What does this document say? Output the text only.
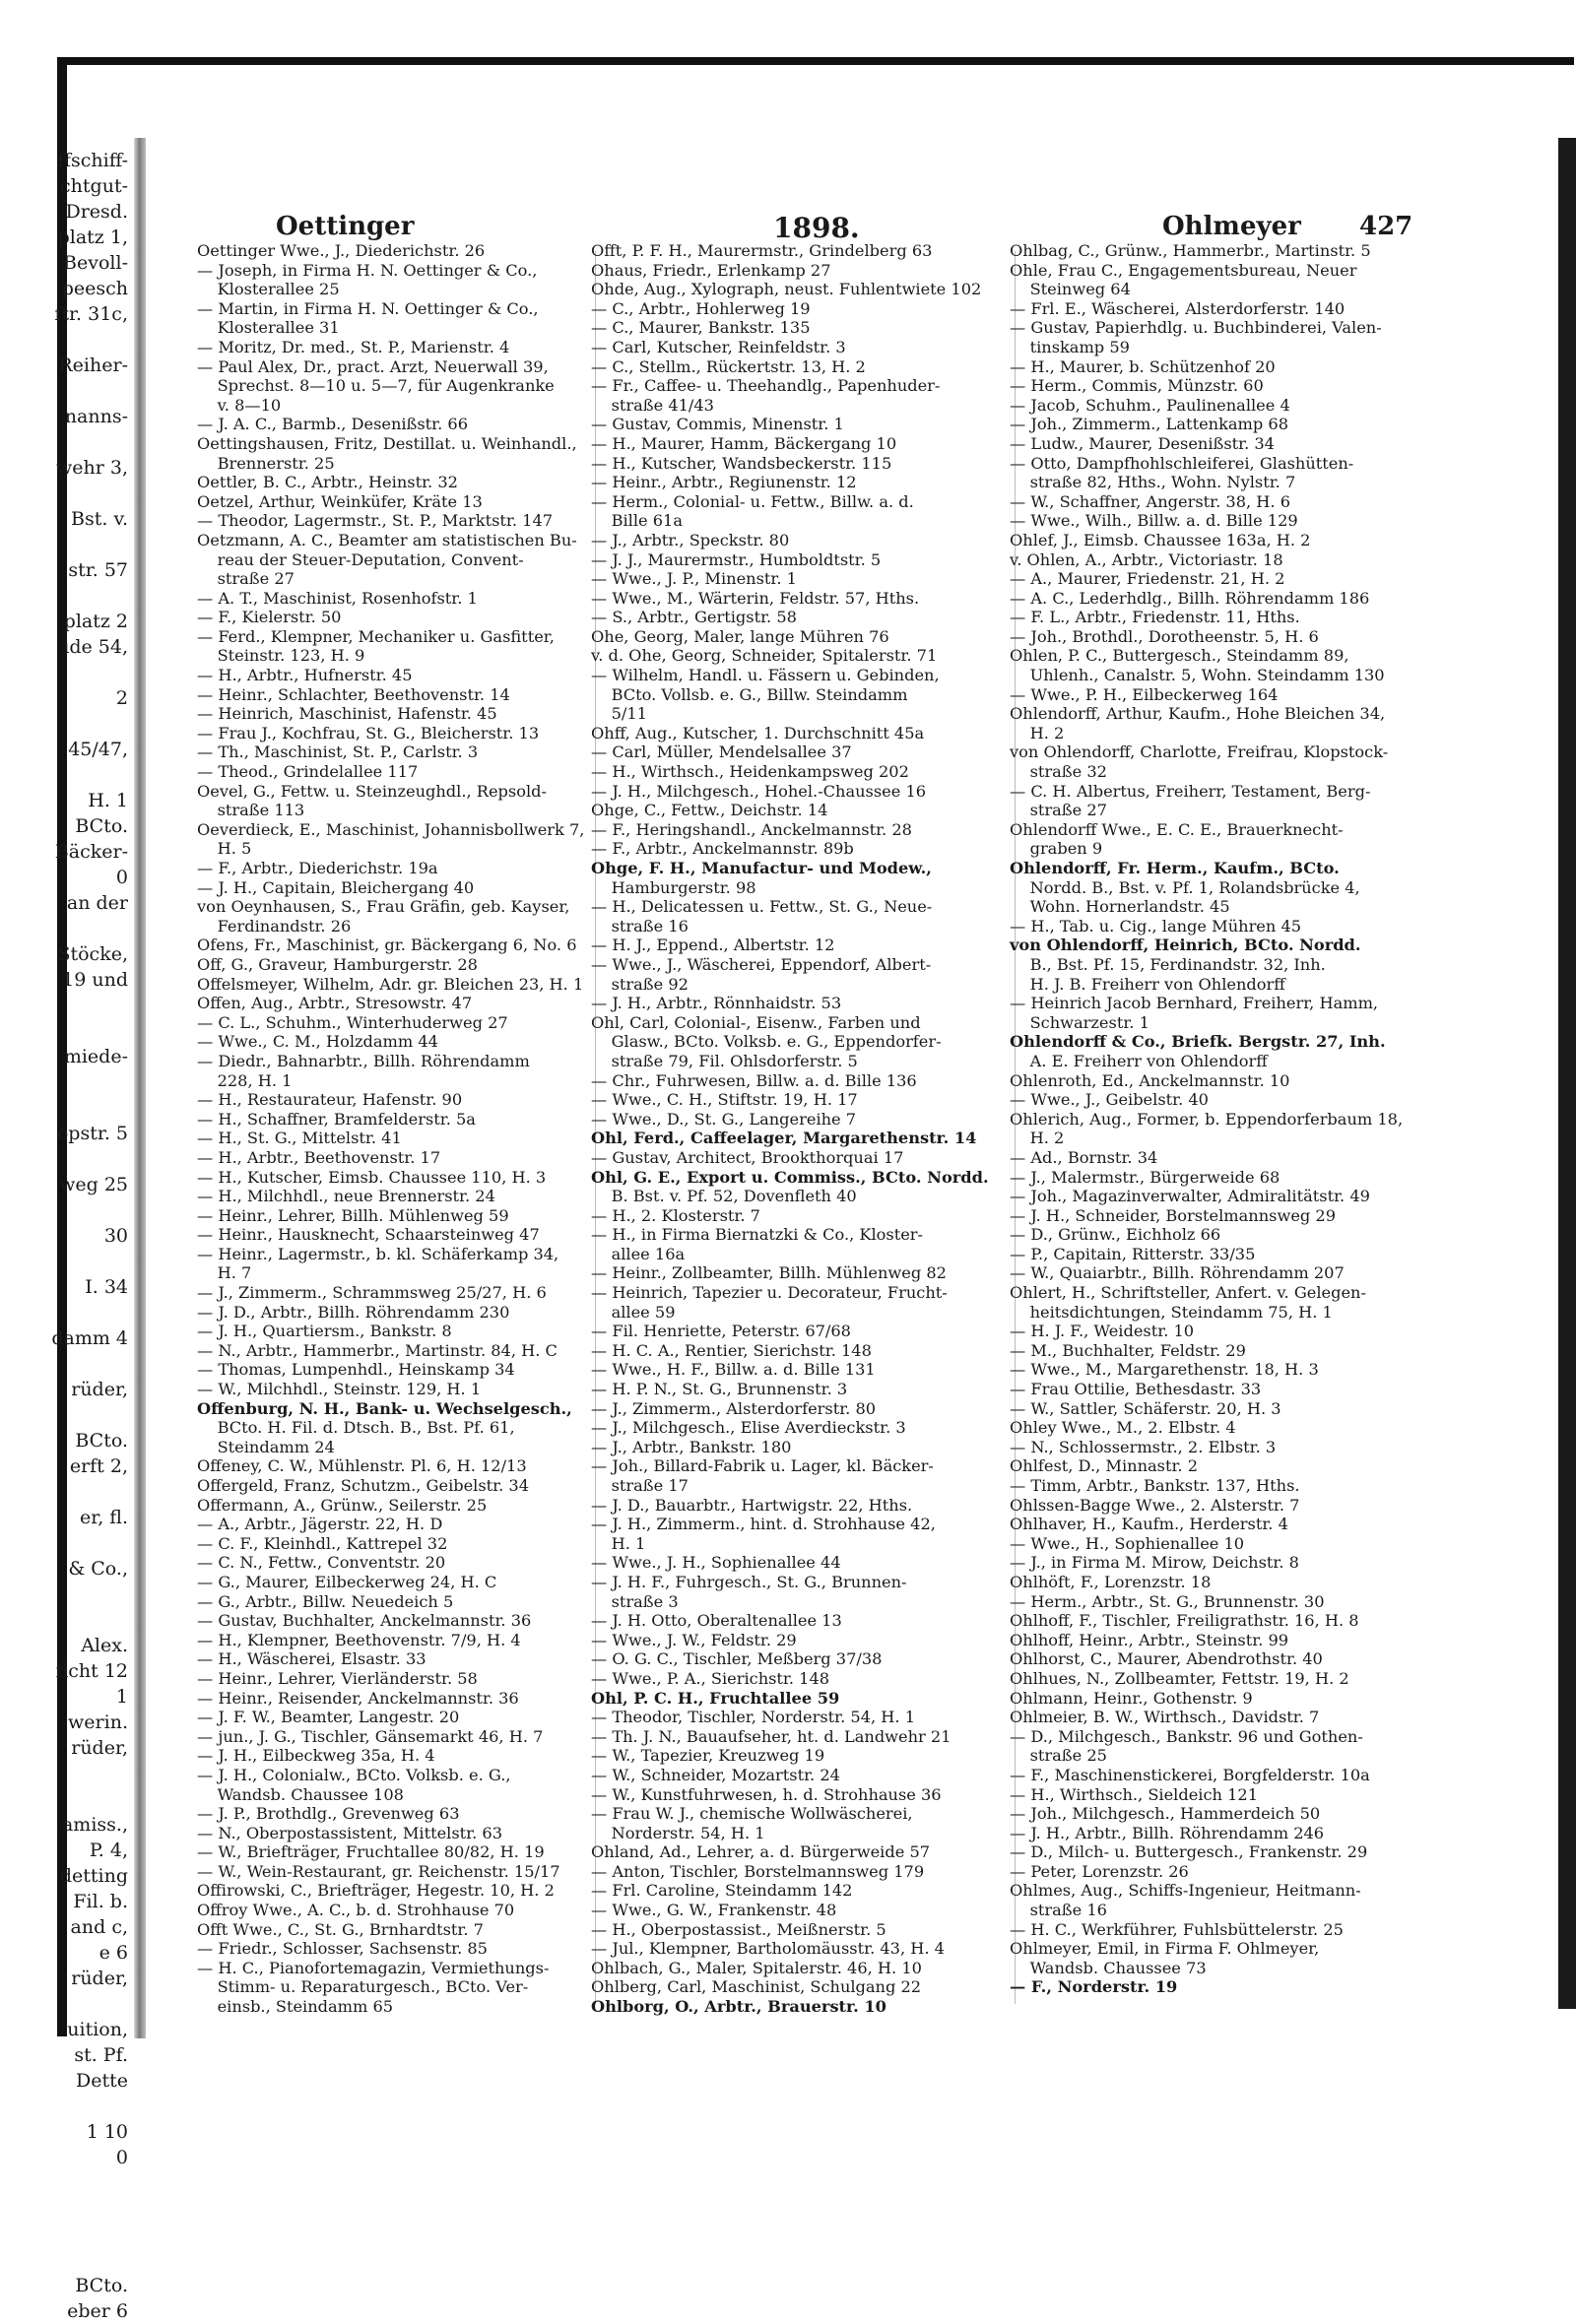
ffschiff-
chtgut-
Dresd.
platz 1,
Bevoll-
peesch
ftr. 31c,
Reiher-
nanns-
wehr 3,
Bst. v.
str. 57
platz 2
ide 54,
2
45/47,
H. 1
BCto.
Bäcker-
0
an der
Stöcke,
19 und
miede-
opstr. 5
weg 25
30
I. 34
damm 4
rüder,
BCto.
erft 2,
er, fl.
& Co.,
Alex.
ficht 12
1
werin.
rüder,
amiss.,
P. 4,
detting
Fil. b.
and c,
e 6
rüder,
uition,
st. Pf.
Dette
1 10
0
BCto.
eber 6
Oettinger	1898.	Ohlmeyer 427
Oettinger Wwe., J., Diederichstr. 26
— Joseph, in Firma H. N. Oettinger & Co.,
Klosterallee 25
— Martin, in Firma H. N. Oettinger & Co.,
Klosterallee 31
— Moritz, Dr. med., St. P., Marienstr. 4
— Paul Alex, Dr., pract. Arzt, Neuerwall 39,
Sprechst. 8—10 u. 5—7, für Augenkranke
v. 8—10
— J. A. C., Barmb., Desenißstr. 66
Oettingshausen, Fritz, Destillat. u. Weinhandl.,
Brennerstr. 25
Oettler, B. C., Arbtr., Heinstr. 32
Oetzel, Arthur, Weinküfer, Kräte 13
— Theodor, Lagermstr., St. P., Marktstr. 147
Oetzmann, A. C., Beamter am statistischen Bu-
reau der Steuer-Deputation, Convent-
straße 27
— A. T., Maschinist, Rosenhofstr. 1
— F., Kielerstr. 50
— Ferd., Klempner, Mechaniker u. Gasfitter,
Steinstr. 123, H. 9
— H., Arbtr., Hufnerstr. 45
— Heinr., Schlachter, Beethovenstr. 14
— Heinrich, Maschinist, Hafenstr. 45
— Frau J., Kochfrau, St. G., Bleicherstr. 13
— Th., Maschinist, St. P., Carlstr. 3
— Theod., Grindelallee 117
Oevel, G., Fettw. u. Steinzeughdl., Repsold-
straße 113
Oeverdieck, E., Maschinist, Johannisbollwerk 7,
H. 5
— F., Arbtr., Diederichstr. 19a
— J. H., Capitain, Bleichergang 40
von Oeynhausen, S., Frau Gräfin, geb. Kayser,
Ferdinandstr. 26
Ofens, Fr., Maschinist, gr. Bäckergang 6, No. 6
Off, G., Graveur, Hamburgerstr. 28
Offelsmeyer, Wilhelm, Adr. gr. Bleichen 23, H. 1
Offen, Aug., Arbtr., Stresowstr. 47
— C. L., Schuhm., Winterhuderweg 27
— Wwe., C. M., Holzdamm 44
— Diedr., Bahnarbtr., Billh. Röhrendamm
228, H. 1
— H., Restaurateur, Hafenstr. 90
— H., Schaffner, Bramfelderstr. 5a
— H., St. G., Mittelstr. 41
— H., Arbtr., Beethovenstr. 17
— H., Kutscher, Eimsb. Chaussee 110, H. 3
— H., Milchhdl., neue Brennerstr. 24
— Heinr., Lehrer, Billh. Mühlenweg 59
— Heinr., Hausknecht, Schaarsteinweg 47
— Heinr., Lagermstr., b. kl. Schäferkamp 34,
H. 7
— J., Zimmerm., Schrammsweg 25/27, H. 6
— J. D., Arbtr., Billh. Röhrendamm 230
— J. H., Quartiersm., Bankstr. 8
— N., Arbtr., Hammerbr., Martinstr. 84, H. C
— Thomas, Lumpenhdl., Heinskamp 34
— W., Milchhdl., Steinstr. 129, H. 1
Offenburg, N. H., Bank- u. Wechselgesch.,
BCto. H. Fil. d. Dtsch. B., Bst. Pf. 61,
Steindamm 24
Offeney, C. W., Mühlenstr. Pl. 6, H. 12/13
Offergeld, Franz, Schutzm., Geibelstr. 34
Offermann, A., Grünw., Seilerstr. 25
— A., Arbtr., Jägerstr. 22, H. D
— C. F., Kleinhdl., Kattrepel 32
— C. N., Fettw., Conventstr. 20
— G., Maurer, Eilbeckerweg 24, H. C
— G., Arbtr., Billw. Neuedeich 5
— Gustav, Buchhalter, Anckelmannstr. 36
— H., Klempner, Beethovenstr. 7/9, H. 4
— H., Wäscherei, Elsastr. 33
— Heinr., Lehrer, Vierländerstr. 58
— Heinr., Reisender, Anckelmannstr. 36
— J. F. W., Beamter, Langestr. 20
— jun., J. G., Tischler, Gänsemarkt 46, H. 7
— J. H., Eilbeckweg 35a, H. 4
— J. H., Colonialw., BCto. Volksb. e. G.,
Wandsb. Chaussee 108
— J. P., Brothdlg., Grevenweg 63
— N., Oberpostassistent, Mittelstr. 63
— W., Briefträger, Fruchtallee 80/82, H. 19
— W., Wein-Restaurant, gr. Reichenstr. 15/17
Offirowski, C., Briefträger, Hegestr. 10, H. 2
Offroy Wwe., A. C., b. d. Strohhause 70
Offt Wwe., C., St. G., Brnhardtstr. 7
— Friedr., Schlosser, Sachsenstr. 85
— H. C., Pianofortemagazin, Vermiethungs-
Stimm- u. Reparaturgesch., BCto. Ver-
einsb., Steindamm 65
Offt, P. F. H., Maurermstr., Grindelberg 63
Ohaus, Friedr., Erlenkamp 27
Ohde, Aug., Xylograph, neust. Fuhlentwiete 102
— C., Arbtr., Hohlerweg 19
— C., Maurer, Bankstr. 135
— Carl, Kutscher, Reinfeldstr. 3
— C., Stellm., Rückertstr. 13, H. 2
— Fr., Caffee- u. Theehandlg., Papenhuder-
straße 41/43
— Gustav, Commis, Minenstr. 1
— H., Maurer, Hamm, Bäckergang 10
— H., Kutscher, Wandsbeckerstr. 115
— Heinr., Arbtr., Regiunenstr. 12
— Herm., Colonial- u. Fettw., Billw. a. d.
Bille 61a
— J., Arbtr., Speckstr. 80
— J. J., Maurermstr., Humboldtstr. 5
— Wwe., J. P., Minenstr. 1
— Wwe., M., Wärterin, Feldstr. 57, Hths.
— S., Arbtr., Gertigstr. 58
Ohe, Georg, Maler, lange Mühren 76
v. d. Ohe, Georg, Schneider, Spitalerstr. 71
— Wilhelm, Handl. u. Fässern u. Gebinden,
BCto. Vollsb. e. G., Billw. Steindamm
5/11
Ohff, Aug., Kutscher, 1. Durchschnitt 45a
— Carl, Müller, Mendelsallee 37
— H., Wirthsch., Heidenkampsweg 202
— J. H., Milchgesch., Hohel.-Chaussee 16
Ohge, C., Fettw., Deichstr. 14
— F., Heringshandl., Anckelmannstr. 28
— F., Arbtr., Anckelmannstr. 89b
Ohge, F. H., Manufactur- und Modew.,
Hamburgerstr. 98
— H., Delicatessen u. Fettw., St. G., Neue-
straße 16
— H. J., Eppend., Albertstr. 12
— Wwe., J., Wäscherei, Eppendorf, Albert-
straße 92
— J. H., Arbtr., Rönnhaidstr. 53
Ohl, Carl, Colonial-, Eisenw., Farben und
Glasw., BCto. Volksb. e. G., Eppendorfer-
straße 79, Fil. Ohlsdorferstr. 5
— Chr., Fuhrwesen, Billw. a. d. Bille 136
— Wwe., C. H., Stiftstr. 19, H. 17
— Wwe., D., St. G., Langereihe 7
Ohl, Ferd., Caffeelager, Margarethenstr. 14
— Gustav, Architect, Brookthorquai 17
Ohl, G. E., Export u. Commiss., BCto. Nordd.
B. Bst. v. Pf. 52, Dovenfleth 40
— H., 2. Klosterstr. 7
— H., in Firma Biernatzki & Co., Kloster-
allee 16a
— Heinr., Zollbeamter, Billh. Mühlenweg 82
— Heinrich, Tapezier u. Decorateur, Frucht-
allee 59
— Fil. Henriette, Peterstr. 67/68
— H. C. A., Rentier, Sierichstr. 148
— Wwe., H. F., Billw. a. d. Bille 131
— H. P. N., St. G., Brunnenstr. 3
— J., Zimmerm., Alsterdorferstr. 80
— J., Milchgesch., Elise Averdieckstr. 3
— J., Arbtr., Bankstr. 180
— Joh., Billard-Fabrik u. Lager, kl. Bäcker-
straße 17
— J. D., Bauarbtr., Hartwigstr. 22, Hths.
— J. H., Zimmerm., hint. d. Strohhause 42,
H. 1
— Wwe., J. H., Sophienallee 44
— J. H. F., Fuhrgesch., St. G., Brunnen-
straße 3
— J. H. Otto, Oberaltenallee 13
— Wwe., J. W., Feldstr. 29
— O. G. C., Tischler, Meßberg 37/38
— Wwe., P. A., Sierichstr. 148
Ohl, P. C. H., Fruchtallee 59
— Theodor, Tischler, Norderstr. 54, H. 1
— Th. J. N., Bauaufseher, ht. d. Landwehr 21
— W., Tapezier, Kreuzweg 19
— W., Schneider, Mozartstr. 24
— W., Kunstfuhrwesen, h. d. Strohhause 36
— Frau W. J., chemische Wollwäscherei,
Norderstr. 54, H. 1
Ohland, Ad., Lehrer, a. d. Bürgerweide 57
— Anton, Tischler, Borstelmannsweg 179
— Frl. Caroline, Steindamm 142
— Wwe., G. W., Frankenstr. 48
— H., Oberpostassist., Meißnerstr. 5
— Jul., Klempner, Bartholomäusstr. 43, H. 4
Ohlbach, G., Maler, Spitalerstr. 46, H. 10
Ohlberg, Carl, Maschinist, Schulgang 22
Ohlborg, O., Arbtr., Brauerstr. 10
Ohlbag, C., Grünw., Hammerbr., Martinstr. 5
Ohle, Frau C., Engagementsbureau, Neuer
Steinweg 64
— Frl. E., Wäscherei, Alsterdorferstr. 140
— Gustav, Papierhdlg. u. Buchbinderei, Valen-
tinskamp 59
— H., Maurer, b. Schützenhof 20
— Herm., Commis, Münzstr. 60
— Jacob, Schuhm., Paulinenallee 4
— Joh., Zimmerm., Lattenkamp 68
— Ludw., Maurer, Desenißstr. 34
— Otto, Dampfhohlschleiferei, Glashütten-
straße 82, Hths., Wohn. Nylstr. 7
— W., Schaffner, Angerstr. 38, H. 6
— Wwe., Wilh., Billw. a. d. Bille 129
Ohlef, J., Eimsb. Chaussee 163a, H. 2
v. Ohlen, A., Arbtr., Victoriastr. 18
— A., Maurer, Friedenstr. 21, H. 2
— A. C., Lederhdlg., Billh. Röhrendamm 186
— F. L., Arbtr., Friedenstr. 11, Hths.
— Joh., Brothdl., Dorotheenstr. 5, H. 6
Ohlen, P. C., Buttergesch., Steindamm 89,
Uhlenh., Canalstr. 5, Wohn. Steindamm 130
— Wwe., P. H., Eilbeckerweg 164
Ohlendorff, Arthur, Kaufm., Hohe Bleichen 34,
H. 2
von Ohlendorff, Charlotte, Freifrau, Klopstock-
straße 32
— C. H. Albertus, Freiherr, Testament, Berg-
straße 27
Ohlendorff Wwe., E. C. E., Brauerknecht-
graben 9
Ohlendorff, Fr. Herm., Kaufm., BCto.
Nordd. B., Bst. v. Pf. 1, Rolandsbrücke 4,
Wohn. Hornerlandstr. 45
— H., Tab. u. Cig., lange Mühren 45
von Ohlendorff, Heinrich, BCto. Nordd.
B., Bst. Pf. 15, Ferdinandstr. 32, Inh.
H. J. B. Freiherr von Ohlendorff
— Heinrich Jacob Bernhard, Freiherr, Hamm,
Schwarzestr. 1
Ohlendorff & Co., Briefk. Bergstr. 27, Inh.
A. E. Freiherr von Ohlendorff
Ohlenroth, Ed., Anckelmannstr. 10
— Wwe., J., Geibelstr. 40
Ohlerich, Aug., Former, b. Eppendorferbaum 18,
H. 2
— Ad., Bornstr. 34
— J., Malermstr., Bürgerweide 68
— Joh., Magazinverwalter, Admiralitätstr. 49
— J. H., Schneider, Borstelmannsweg 29
— D., Grünw., Eichholz 66
— P., Capitain, Ritterstr. 33/35
— W., Quaiarbtr., Billh. Röhrendamm 207
Ohlert, H., Schriftsteller, Anfert. v. Gelegen-
heitsdichtungen, Steindamm 75, H. 1
— H. J. F., Weidestr. 10
— M., Buchhalter, Feldstr. 29
— Wwe., M., Margarethenstr. 18, H. 3
— Frau Ottilie, Bethesdastr. 33
— W., Sattler, Schäferstr. 20, H. 3
Ohley Wwe., M., 2. Elbstr. 4
— N., Schlossermstr., 2. Elbstr. 3
Ohlfest, D., Minnastr. 2
— Timm, Arbtr., Bankstr. 137, Hths.
Ohlssen-Bagge Wwe., 2. Alsterstr. 7
Ohlhaver, H., Kaufm., Herderstr. 4
— Wwe., H., Sophienallee 10
— J., in Firma M. Mirow, Deichstr. 8
Ohlhöft, F., Lorenzstr. 18
— Herm., Arbtr., St. G., Brunnenstr. 30
Ohlhoff, F., Tischler, Freiligrathstr. 16, H. 8
Ohlhoff, Heinr., Arbtr., Steinstr. 99
Ohlhorst, C., Maurer, Abendrothstr. 40
Ohlhues, N., Zollbeamter, Fettstr. 19, H. 2
Ohlmann, Heinr., Gothenstr. 9
Ohlmeier, B. W., Wirthsch., Davidstr. 7
— D., Milchgesch., Bankstr. 96 und Gothen-
straße 25
— F., Maschinenstickerei, Borgfelderstr. 10a
— H., Wirthsch., Sieldeich 121
— Joh., Milchgesch., Hammerdeich 50
— J. H., Arbtr., Billh. Röhrendamm 246
— D., Milch- u. Buttergesch., Frankenstr. 29
— Peter, Lorenzstr. 26
Ohlmes, Aug., Schiffs-Ingenieur, Heitmann-
straße 16
— H. C., Werkführer, Fuhlsbüttelerstr. 25
Ohlmeyer, Emil, in Firma F. Ohlmeyer,
Wandsb. Chaussee 73
— F., Norderstr. 19
